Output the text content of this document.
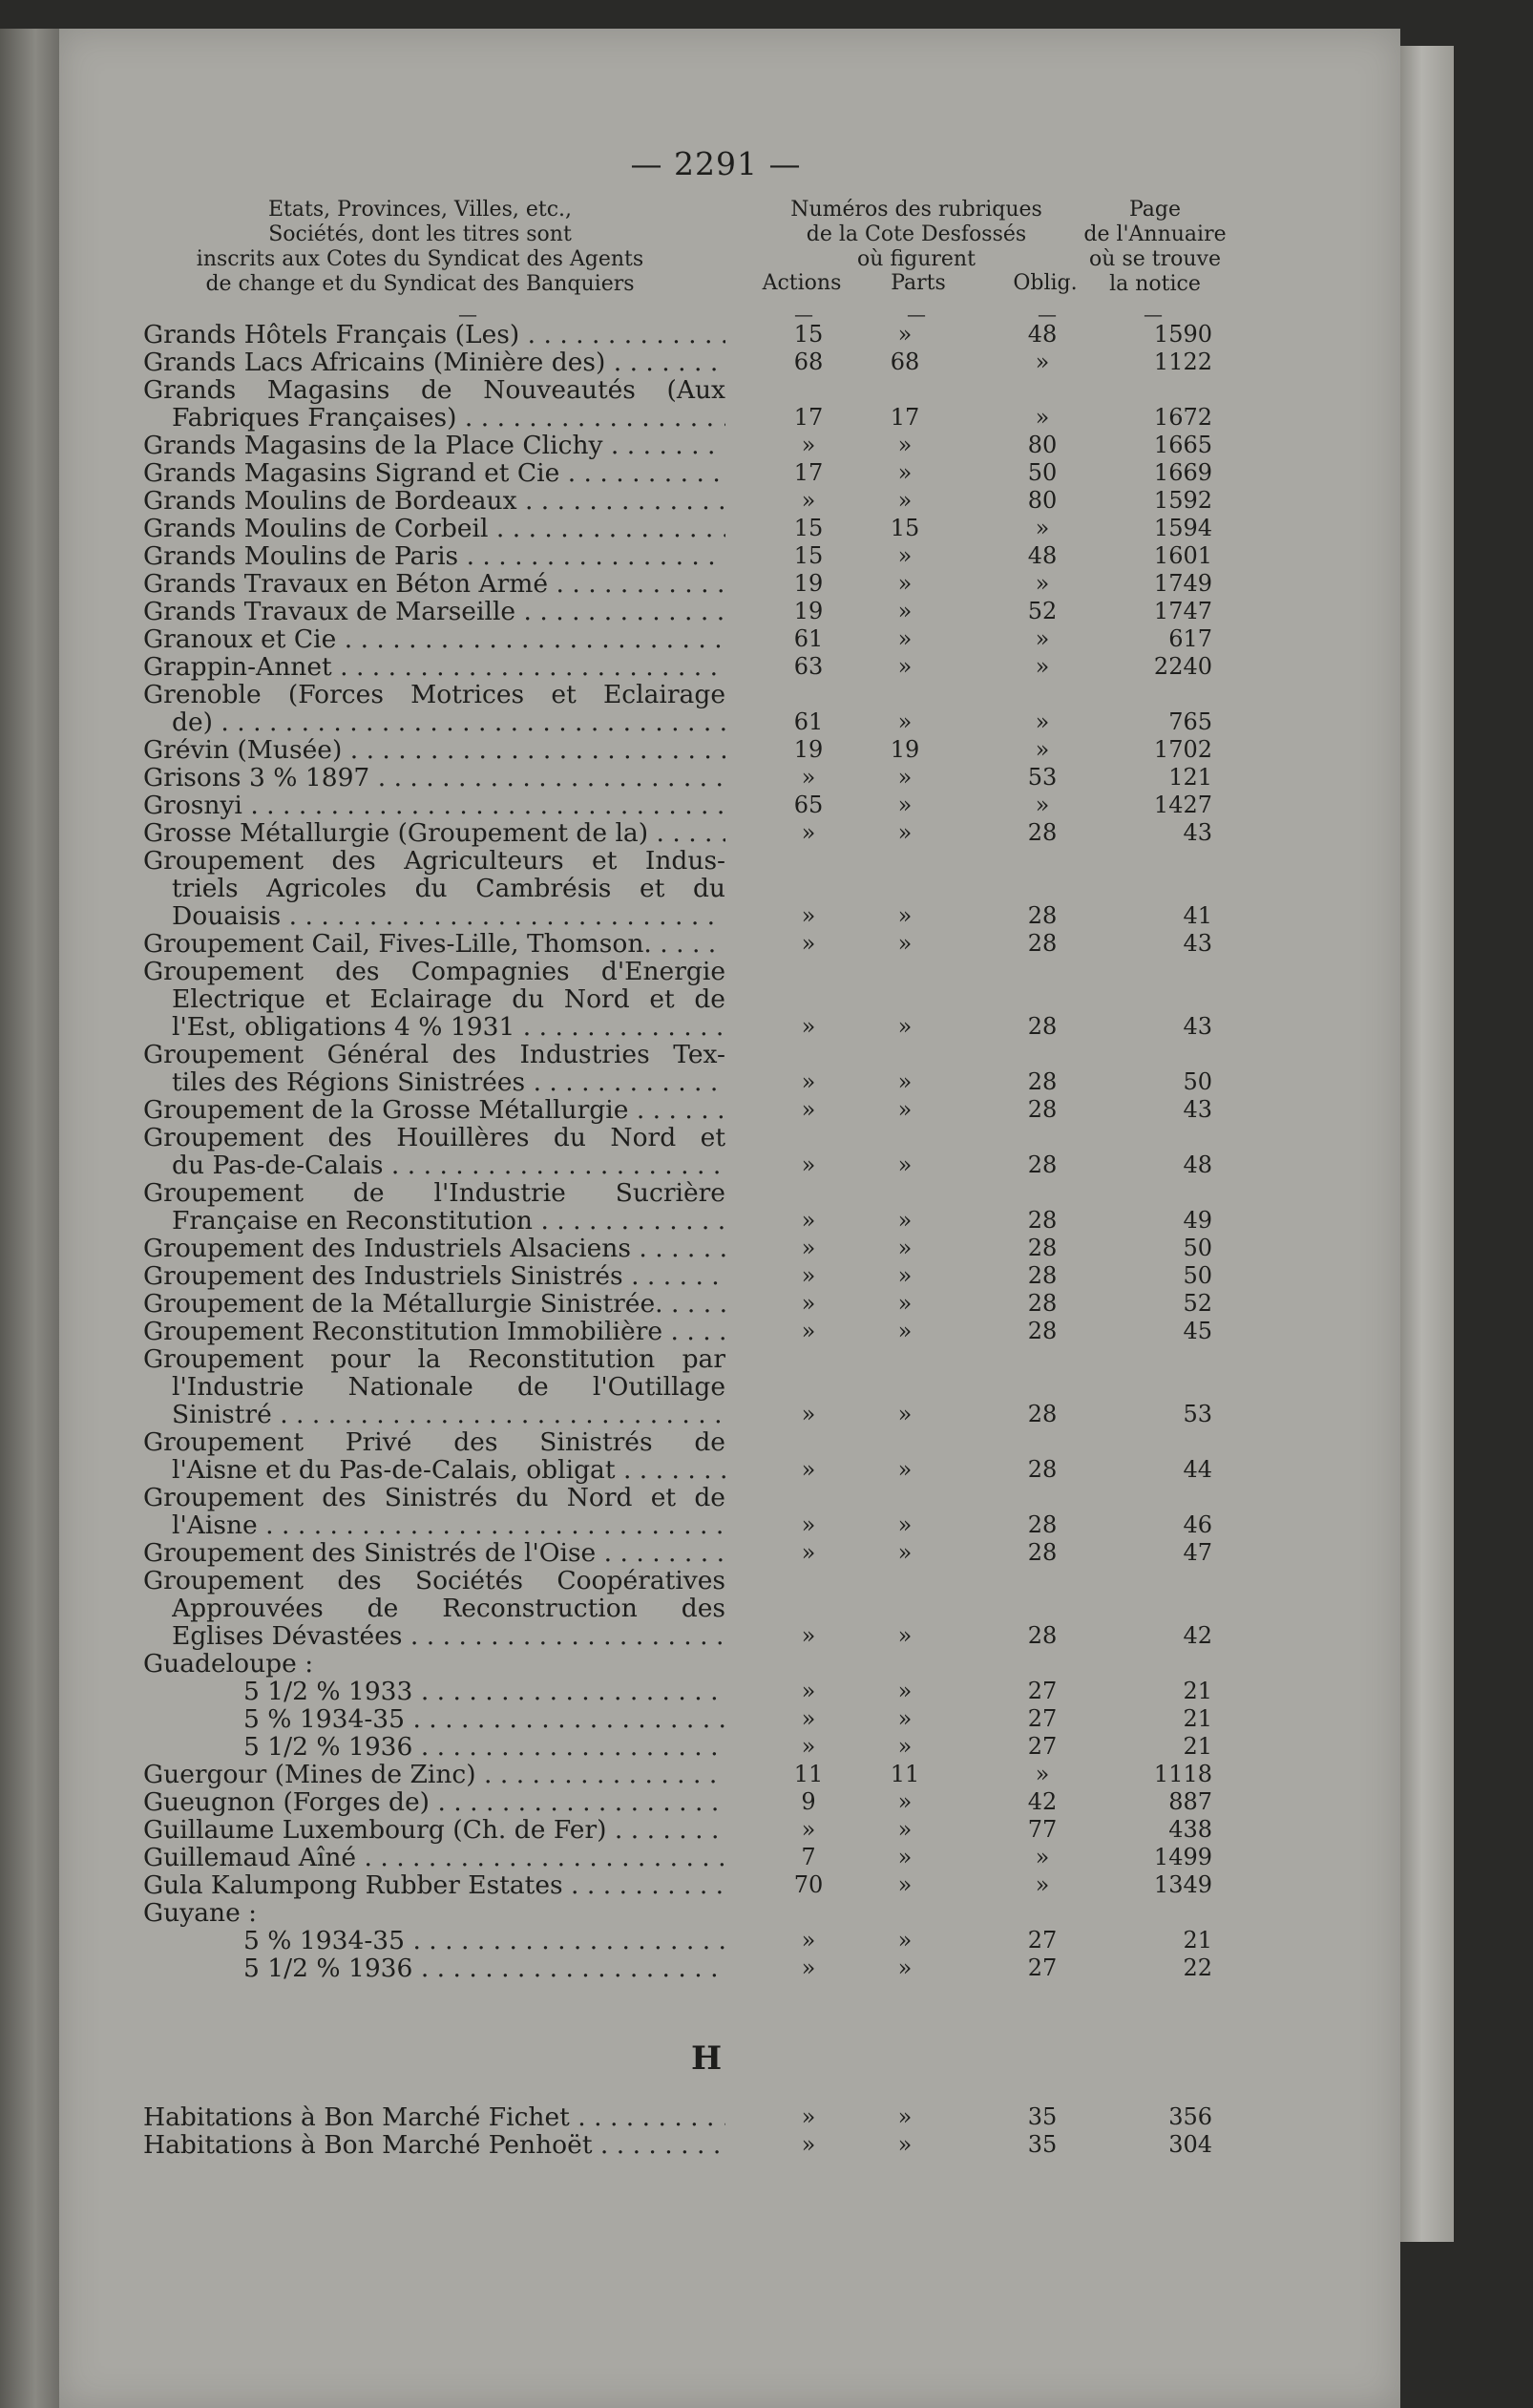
— 2291 —
Etats, Provinces, Villes, etc.,
Sociétés, dont les titres sont
inscrits aux Cotes du Syndicat des Agents
de change et du Syndicat des Banquiers
Numéros des rubriques
de la Cote Desfossés
où figurent
Page
de l'Annuaire
où se trouve
la notice
Actions	Parts	Oblig.
—	—	—	—	—
Grands Hôtels Français (Les) . . .	15	»	48	1590
Grands Lacs Africains (Minière des) . . .	68	68	»	1122
Grands Magasins de Nouveautés (Aux
Fabriques Françaises) . . .	17	17	»	1672
Grands Magasins de la Place Clichy . . .	»	»	80	1665
Grands Magasins Sigrand et Cie . . .	17	»	50	1669
Grands Moulins de Bordeaux . . .	»	»	80	1592
Grands Moulins de Corbeil . . .	15	15	»	1594
Grands Moulins de Paris . . .	15	»	48	1601
Grands Travaux en Béton Armé . . .	19	»	»	1749
Grands Travaux de Marseille . . .	19	»	52	1747
Granoux et Cie . . .	61	»	»	617
Grappin-Annet . . .	63	»	»	2240
Grenoble (Forces Motrices et Eclairage
de) . . .	61	»	»	765
Grévin (Musée) . . .	19	19	»	1702
Grisons 3 % 1897 . . .	»	»	53	121
Grosnyi . . .	65	»	»	1427
Grosse Métallurgie (Groupement de la) . . .	»	»	28	43
Groupement des Agriculteurs et Indus-
triels Agricoles du Cambrésis et du
Douaisis . . .	»	»	28	41
Groupement Cail, Fives-Lille, Thomson. . . .	»	»	28	43
Groupement des Compagnies d'Energie
Electrique et Eclairage du Nord et de
l'Est, obligations 4 % 1931 . . .	»	»	28	43
Groupement Général des Industries Tex-
tiles des Régions Sinistrées . . .	»	»	28	50
Groupement de la Grosse Métallurgie . . .	»	»	28	43
Groupement des Houillères du Nord et
du Pas-de-Calais . . .	»	»	28	48
Groupement de l'Industrie Sucrière
Française en Reconstitution . . .	»	»	28	49
Groupement des Industriels Alsaciens . . .	»	»	28	50
Groupement des Industriels Sinistrés . . .	»	»	28	50
Groupement de la Métallurgie Sinistrée. . . .	»	»	28	52
Groupement Reconstitution Immobilière . . .	»	»	28	45
Groupement pour la Reconstitution par
l'Industrie Nationale de l'Outillage
Sinistré . . .	»	»	28	53
Groupement Privé des Sinistrés de
l'Aisne et du Pas-de-Calais, obligat . . .	»	»	28	44
Groupement des Sinistrés du Nord et de
l'Aisne . . .	»	»	28	46
Groupement des Sinistrés de l'Oise . . .	»	»	28	47
Groupement des Sociétés Coopératives
Approuvées de Reconstruction des
Eglises Dévastées . . .	»	»	28	42
Guadeloupe :
5 1/2 % 1933 . . .	»	»	27	21
5 % 1934-35 . . .	»	»	27	21
5 1/2 % 1936 . . .	»	»	27	21
Guergour (Mines de Zinc) . . .	11	11	»	1118
Gueugnon (Forges de) . . .	9	»	42	887
Guillaume Luxembourg (Ch. de Fer) . . .	»	»	77	438
Guillemaud Aîné . . .	7	»	»	1499
Gula Kalumpong Rubber Estates . . .	70	»	»	1349
Guyane :
5 % 1934-35 . . .	»	»	27	21
5 1/2 % 1936 . . .	»	»	27	22
H
Habitations à Bon Marché Fichet . . .	»	»	35	356
Habitations à Bon Marché Penhoët . . .	»	»	35	304
